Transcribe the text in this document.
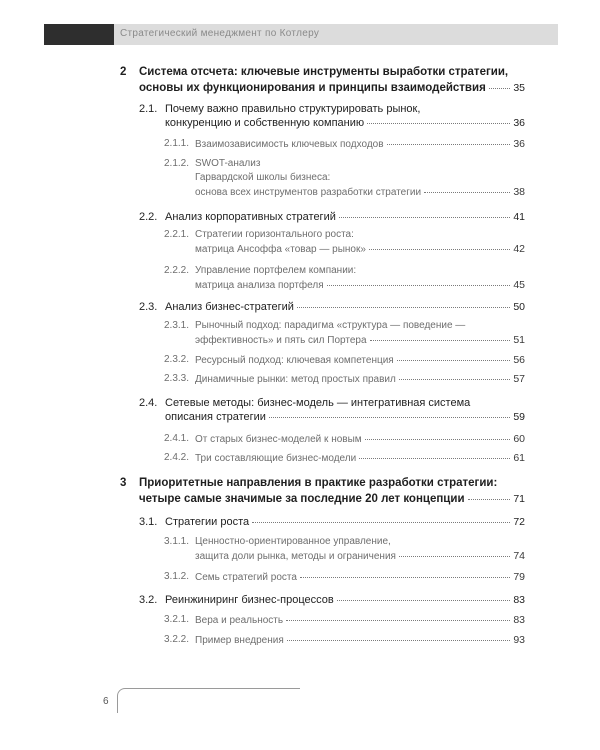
Стратегический менеджмент по Котлеру
2 Система отсчета: ключевые инструменты выработки стратегии,
основы их функционирования и принципы взаимодействия	35
2.1. Почему важно правильно структурировать рынок,
конкуренцию и собственную компанию	36
2.1.1. Взаимозависимость ключевых подходов	36
2.1.2. SWOT-анализ
Гарвардской школы бизнеса:
основа всех инструментов разработки стратегии	38
2.2. Анализ корпоративных стратегий	41
2.2.1. Стратегии горизонтального роста:
матрица Ансоффа «товар — рынок»	42
2.2.2. Управление портфелем компании:
матрица анализа портфеля	45
2.3. Анализ бизнес-стратегий	50
2.3.1. Рыночный подход: парадигма «структура — поведение —
эффективность» и пять сил Портера	51
2.3.2. Ресурсный подход: ключевая компетенция	56
2.3.3. Динамичные рынки: метод простых правил	57
2.4. Сетевые методы: бизнес-модель — интегративная система
описания стратегии	59
2.4.1. От старых бизнес-моделей к новым	60
2.4.2. Три составляющие бизнес-модели	61
3 Приоритетные направления в практике разработки стратегии:
четыре самые значимые за последние 20 лет концепции	71
3.1. Стратегии роста	72
3.1.1. Ценностно-ориентированное управление,
защита доли рынка, методы и ограничения	74
3.1.2. Семь стратегий роста	79
3.2. Реинжиниринг бизнес-процессов	83
3.2.1. Вера и реальность	83
3.2.2. Пример внедрения	93
6
